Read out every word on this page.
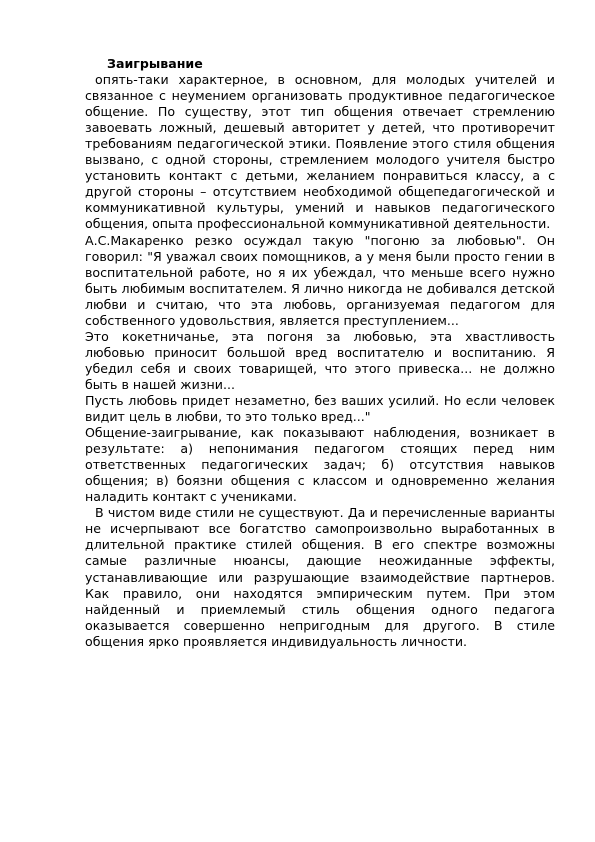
Заигрывание

опять-таки характерное, в основном, для молодых учителей и связанное с неумением организовать продуктивное педагогическое общение. По существу, этот тип общения отвечает стремлению завоевать ложный, дешевый авторитет у детей, что противоречит требованиям педагогической этики. Появление этого стиля общения вызвано, с одной стороны, стремлением молодого учителя быстро установить контакт с детьми, желанием понравиться классу, а с другой стороны – отсутствием необходимой общепедагогической и коммуникативной культуры, умений и навыков педагогического общения, опыта профессиональной коммуникативной деятельности.

А.С.Макаренко резко осуждал такую "погоню за любовью". Он говорил: "Я уважал своих помощников, а у меня были просто гении в воспитательной работе, но я их убеждал, что меньше всего нужно быть любимым воспитателем. Я лично никогда не добивался детской любви и считаю, что эта любовь, организуемая педагогом для собственного удовольствия, является преступлением...

Это кокетничанье, эта погоня за любовью, эта хвастливость любовью приносит большой вред воспитателю и воспитанию. Я убедил себя и своих товарищей, что этого привеска... не должно быть в нашей жизни...

Пусть любовь придет незаметно, без ваших усилий. Но если человек видит цель в любви, то это только вред..."

Общение-заигрывание, как показывают наблюдения, возникает в результате: а) непонимания педагогом стоящих перед ним ответственных педагогических задач; б) отсутствия навыков общения; в) боязни общения с классом и одновременно желания наладить контакт с учениками.

В чистом виде стили не существуют. Да и перечисленные варианты не исчерпывают все богатство самопроизвольно выработанных в длительной практике стилей общения. В его спектре возможны самые различные нюансы, дающие неожиданные эффекты, устанавливающие или разрушающие взаимодействие партнеров. Как правило, они находятся эмпирическим путем. При этом найденный и приемлемый стиль общения одного педагога оказывается совершенно непригодным для другого. В стиле общения ярко проявляется индивидуальность личности.
